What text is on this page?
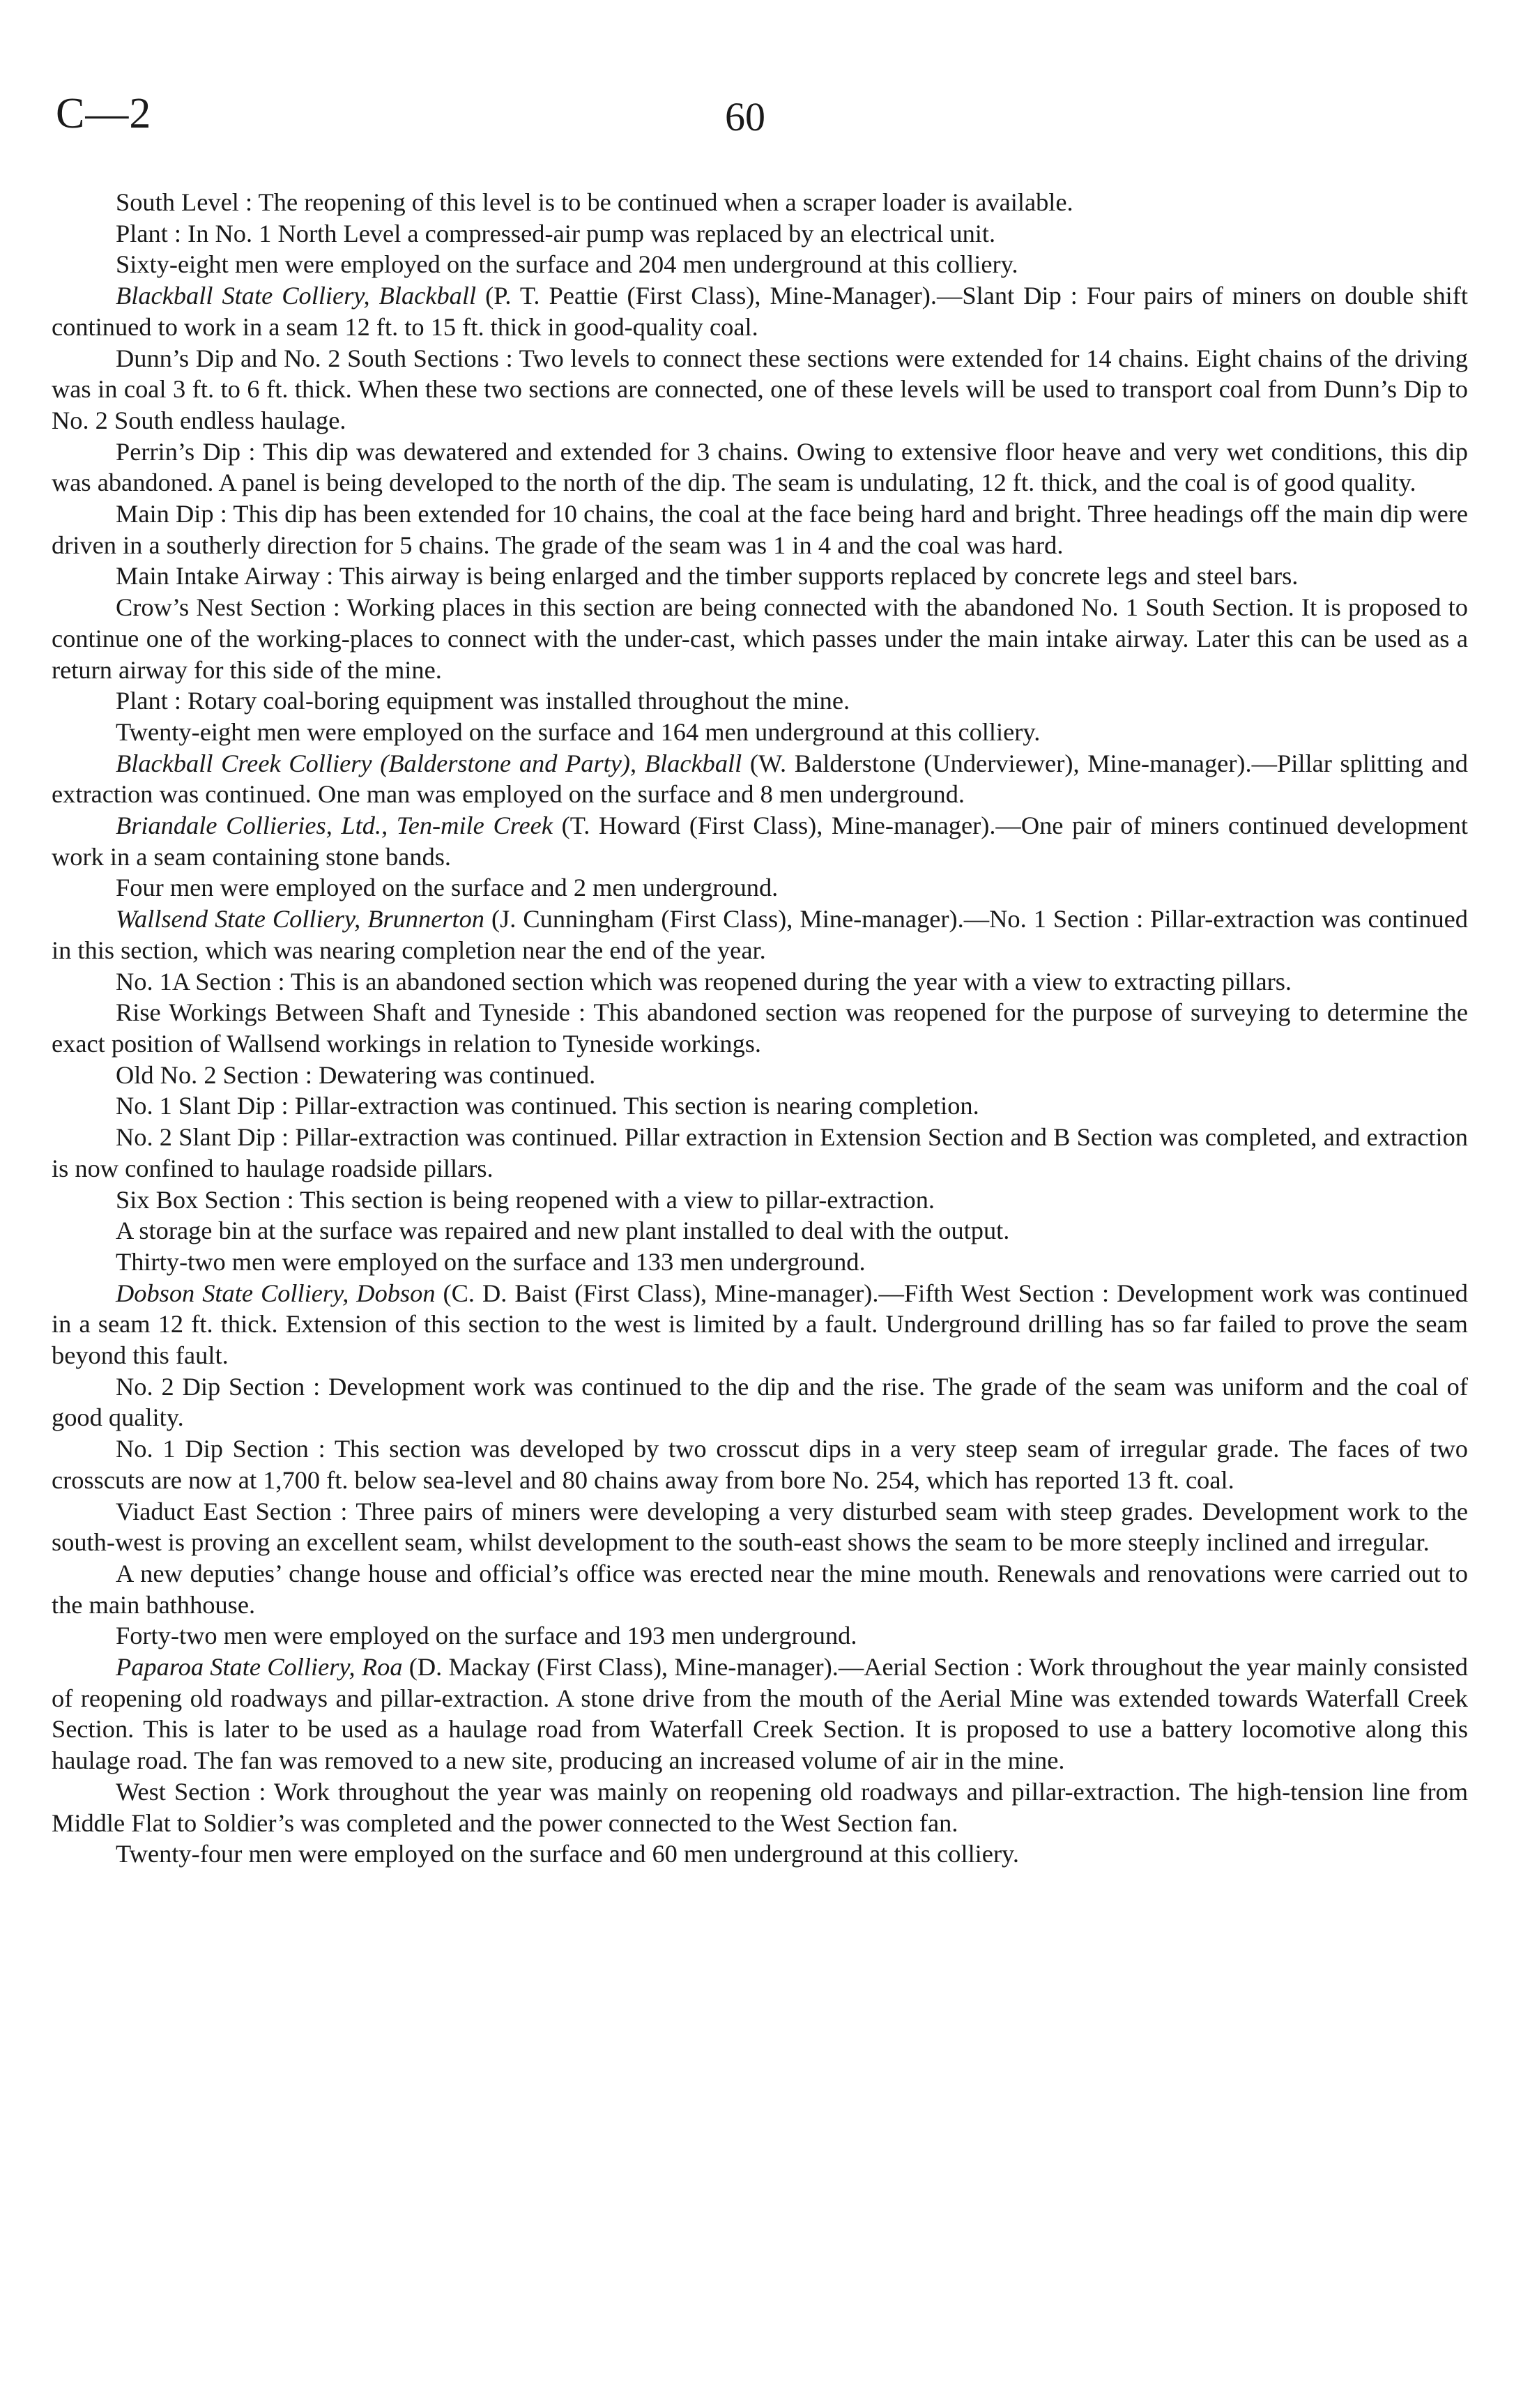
C—2	60

South Level : The reopening of this level is to be continued when a scraper loader is available.

Plant : In No. 1 North Level a compressed-air pump was replaced by an electrical unit.

Sixty-eight men were employed on the surface and 204 men underground at this colliery.

Blackball State Colliery, Blackball (P. T. Peattie (First Class), Mine-Manager).—Slant Dip : Four pairs of miners on double shift continued to work in a seam 12 ft. to 15 ft. thick in good-quality coal.

Dunn’s Dip and No. 2 South Sections : Two levels to connect these sections were extended for 14 chains. Eight chains of the driving was in coal 3 ft. to 6 ft. thick. When these two sections are connected, one of these levels will be used to transport coal from Dunn’s Dip to No. 2 South endless haulage.

Perrin’s Dip : This dip was dewatered and extended for 3 chains. Owing to extensive floor heave and very wet conditions, this dip was abandoned. A panel is being developed to the north of the dip. The seam is undulating, 12 ft. thick, and the coal is of good quality.

Main Dip : This dip has been extended for 10 chains, the coal at the face being hard and bright. Three headings off the main dip were driven in a southerly direction for 5 chains. The grade of the seam was 1 in 4 and the coal was hard.

Main Intake Airway : This airway is being enlarged and the timber supports replaced by concrete legs and steel bars.

Crow’s Nest Section : Working places in this section are being connected with the abandoned No. 1 South Section. It is proposed to continue one of the working-places to connect with the under-cast, which passes under the main intake airway. Later this can be used as a return airway for this side of the mine.

Plant : Rotary coal-boring equipment was installed throughout the mine.

Twenty-eight men were employed on the surface and 164 men underground at this colliery.

Blackball Creek Colliery (Balderstone and Party), Blackball (W. Balderstone (Underviewer), Mine-manager).—Pillar splitting and extraction was continued. One man was employed on the surface and 8 men underground.

Briandale Collieries, Ltd., Ten-mile Creek (T. Howard (First Class), Mine-manager).—One pair of miners continued development work in a seam containing stone bands.

Four men were employed on the surface and 2 men underground.

Wallsend State Colliery, Brunnerton (J. Cunningham (First Class), Mine-manager).—No. 1 Section : Pillar-extraction was continued in this section, which was nearing completion near the end of the year.

No. 1A Section : This is an abandoned section which was reopened during the year with a view to extracting pillars.

Rise Workings Between Shaft and Tyneside : This abandoned section was reopened for the purpose of surveying to determine the exact position of Wallsend workings in relation to Tyneside workings.

Old No. 2 Section : Dewatering was continued.

No. 1 Slant Dip : Pillar-extraction was continued. This section is nearing completion.

No. 2 Slant Dip : Pillar-extraction was continued. Pillar extraction in Extension Section and B Section was completed, and extraction is now confined to haulage roadside pillars.

Six Box Section : This section is being reopened with a view to pillar-extraction.

A storage bin at the surface was repaired and new plant installed to deal with the output.

Thirty-two men were employed on the surface and 133 men underground.

Dobson State Colliery, Dobson (C. D. Baist (First Class), Mine-manager).—Fifth West Section : Development work was continued in a seam 12 ft. thick. Extension of this section to the west is limited by a fault. Underground drilling has so far failed to prove the seam beyond this fault.

No. 2 Dip Section : Development work was continued to the dip and the rise. The grade of the seam was uniform and the coal of good quality.

No. 1 Dip Section : This section was developed by two crosscut dips in a very steep seam of irregular grade. The faces of two crosscuts are now at 1,700 ft. below sea-level and 80 chains away from bore No. 254, which has reported 13 ft. coal.

Viaduct East Section : Three pairs of miners were developing a very disturbed seam with steep grades. Development work to the south-west is proving an excellent seam, whilst development to the south-east shows the seam to be more steeply inclined and irregular.

A new deputies’ change house and official’s office was erected near the mine mouth. Renewals and renovations were carried out to the main bathhouse.

Forty-two men were employed on the surface and 193 men underground.

Paparoa State Colliery, Roa (D. Mackay (First Class), Mine-manager).—Aerial Section : Work throughout the year mainly consisted of reopening old roadways and pillar-extraction. A stone drive from the mouth of the Aerial Mine was extended towards Waterfall Creek Section. This is later to be used as a haulage road from Waterfall Creek Section. It is proposed to use a battery locomotive along this haulage road. The fan was removed to a new site, producing an increased volume of air in the mine.

West Section : Work throughout the year was mainly on reopening old roadways and pillar-extraction. The high-tension line from Middle Flat to Soldier’s was completed and the power connected to the West Section fan.

Twenty-four men were employed on the surface and 60 men underground at this colliery.
